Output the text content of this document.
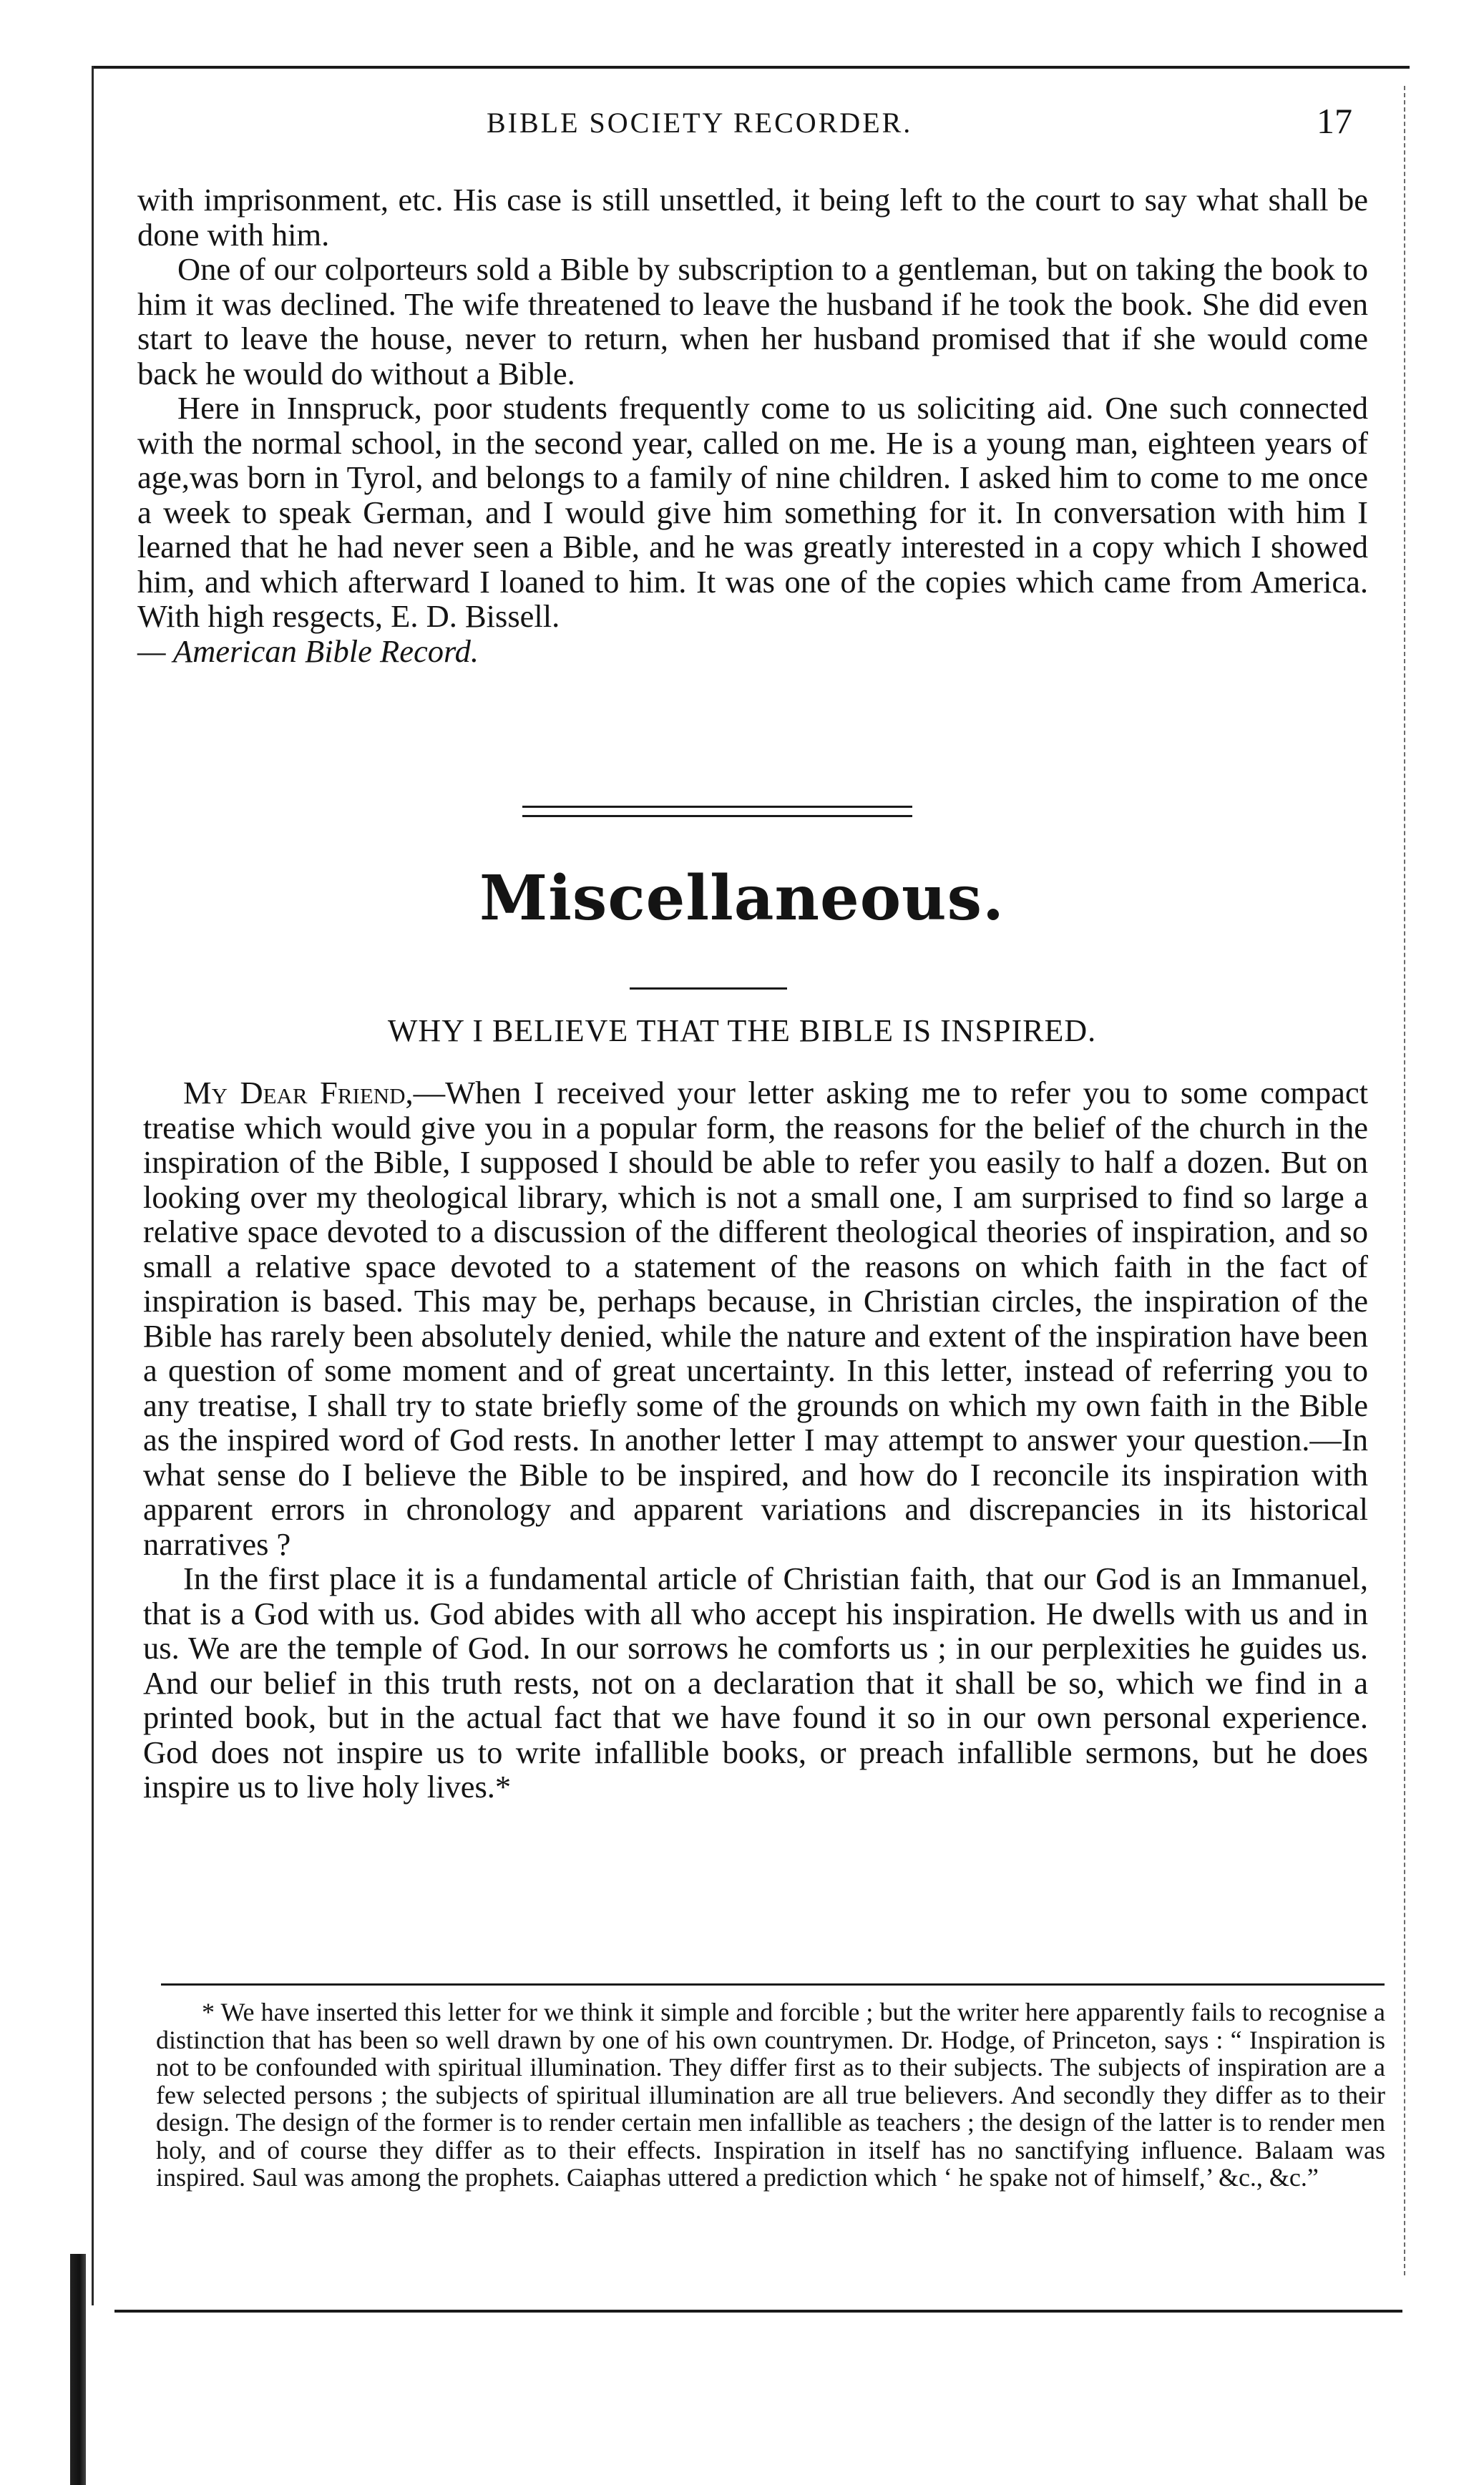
BIBLE SOCIETY RECORDER.	17

with imprisonment, etc. His case is still unsettled, it being left to the court to say what shall be done with him.

One of our colporteurs sold a Bible by subscription to a gentleman, but on taking the book to him it was declined. The wife threatened to leave the husband if he took the book. She did even start to leave the house, never to return, when her husband promised that if she would come back he would do without a Bible.

Here in Innspruck, poor students frequently come to us soliciting aid. One such connected with the normal school, in the second year, called on me. He is a young man, eighteen years of age,was born in Tyrol, and belongs to a family of nine children. I asked him to come to me once a week to speak German, and I would give him something for it. In conversation with him I learned that he had never seen a Bible, and he was greatly interested in a copy which I showed him, and which afterward I loaned to him. It was one of the copies which came from America. With high resgects, E. D. Bissell.

— American Bible Record.

Miscellaneous.
WHY I BELIEVE THAT THE BIBLE IS INSPIRED.

My Dear Friend,—When I received your letter asking me to refer you to some compact treatise which would give you in a popular form, the reasons for the belief of the church in the inspiration of the Bible, I supposed I should be able to refer you easily to half a dozen. But on looking over my theological library, which is not a small one, I am surprised to find so large a relative space devoted to a discussion of the different theological theories of inspiration, and so small a relative space devoted to a statement of the reasons on which faith in the fact of inspiration is based. This may be, perhaps because, in Christian circles, the inspiration of the Bible has rarely been absolutely denied, while the nature and extent of the inspiration have been a question of some moment and of great uncertainty. In this letter, instead of referring you to any treatise, I shall try to state briefly some of the grounds on which my own faith in the Bible as the inspired word of God rests. In another letter I may attempt to answer your question.—In what sense do I believe the Bible to be inspired, and how do I reconcile its inspiration with apparent errors in chronology and apparent variations and discrepancies in its historical narratives ?

In the first place it is a fundamental article of Christian faith, that our God is an Immanuel, that is a God with us. God abides with all who accept his inspiration. He dwells with us and in us. We are the temple of God. In our sorrows he comforts us ; in our perplexities he guides us. And our belief in this truth rests, not on a declaration that it shall be so, which we find in a printed book, but in the actual fact that we have found it so in our own personal experience. God does not inspire us to write infallible books, or preach infallible sermons, but he does inspire us to live holy lives.*

* We have inserted this letter for we think it simple and forcible ; but the writer here apparently fails to recognise a distinction that has been so well drawn by one of his own countrymen. Dr. Hodge, of Princeton, says : “ Inspiration is not to be confounded with spiritual illumination. They differ first as to their subjects. The subjects of inspiration are a few selected persons ; the subjects of spiritual illumination are all true believers. And secondly they differ as to their design. The design of the former is to render certain men infallible as teachers ; the design of the latter is to render men holy, and of course they differ as to their effects. Inspiration in itself has no sanctifying influence. Balaam was inspired. Saul was among the prophets. Caiaphas uttered a prediction which ‘ he spake not of himself,’ &c., &c.”
